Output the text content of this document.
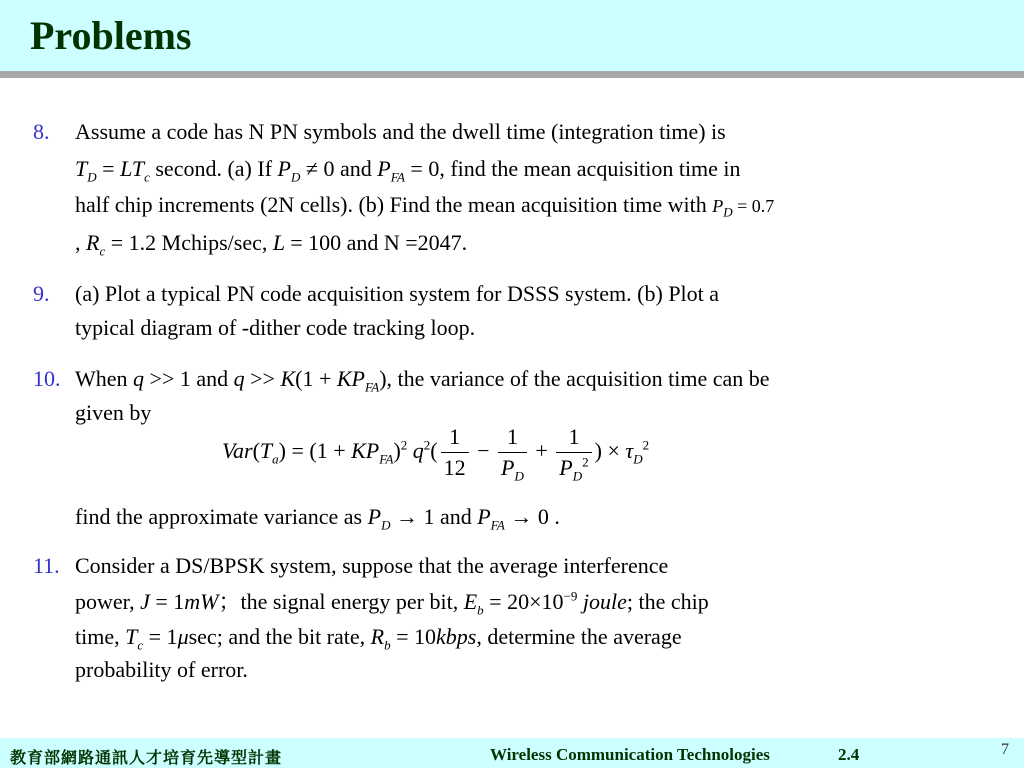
Problems
8. Assume a code has N PN symbols and the dwell time (integration time) is
$T_D = LT_c$ second. (a) If $P_D \ne 0$ and $P_{FA} = 0$, find the mean acquisition time in
half chip increments (2N cells). (b) Find the mean acquisition time with $P_D = 0.7$
, $R_c = 1.2$ Mchips/sec, L = 100 and N =2047.
9. (a) Plot a typical PN code acquisition system for DSSS system. (b) Plot a
typical diagram of -dither code tracking loop.
10. When q >> 1 and $q >> K(1 + KP_{FA})$, the variance of the acquisition time can be
given by
$Var(T_a) = (1 + KP_{FA})^2$ $q^2( \frac{1}{12} - \frac{1}{P_D} + \frac{1}{P_D^2}$ ) × $\tau_D^2$
find the approximate variance as $P_D \to 1$ and $P_{FA} \to 0$ .
11. Consider a DS/BPSK system, suppose that the average interference
power, J = 1mW；the signal energy per bit, $E_b = 20\times 10^{-9}$ joule; the chip
time, $T_c = 1\mu\sec$; and the bit rate, $R_b$ = 10kbps, determine the average
probability of error.
教育部網路通訊人才培育先導型計畫	Wireless Communication Technologies	2.4	7
